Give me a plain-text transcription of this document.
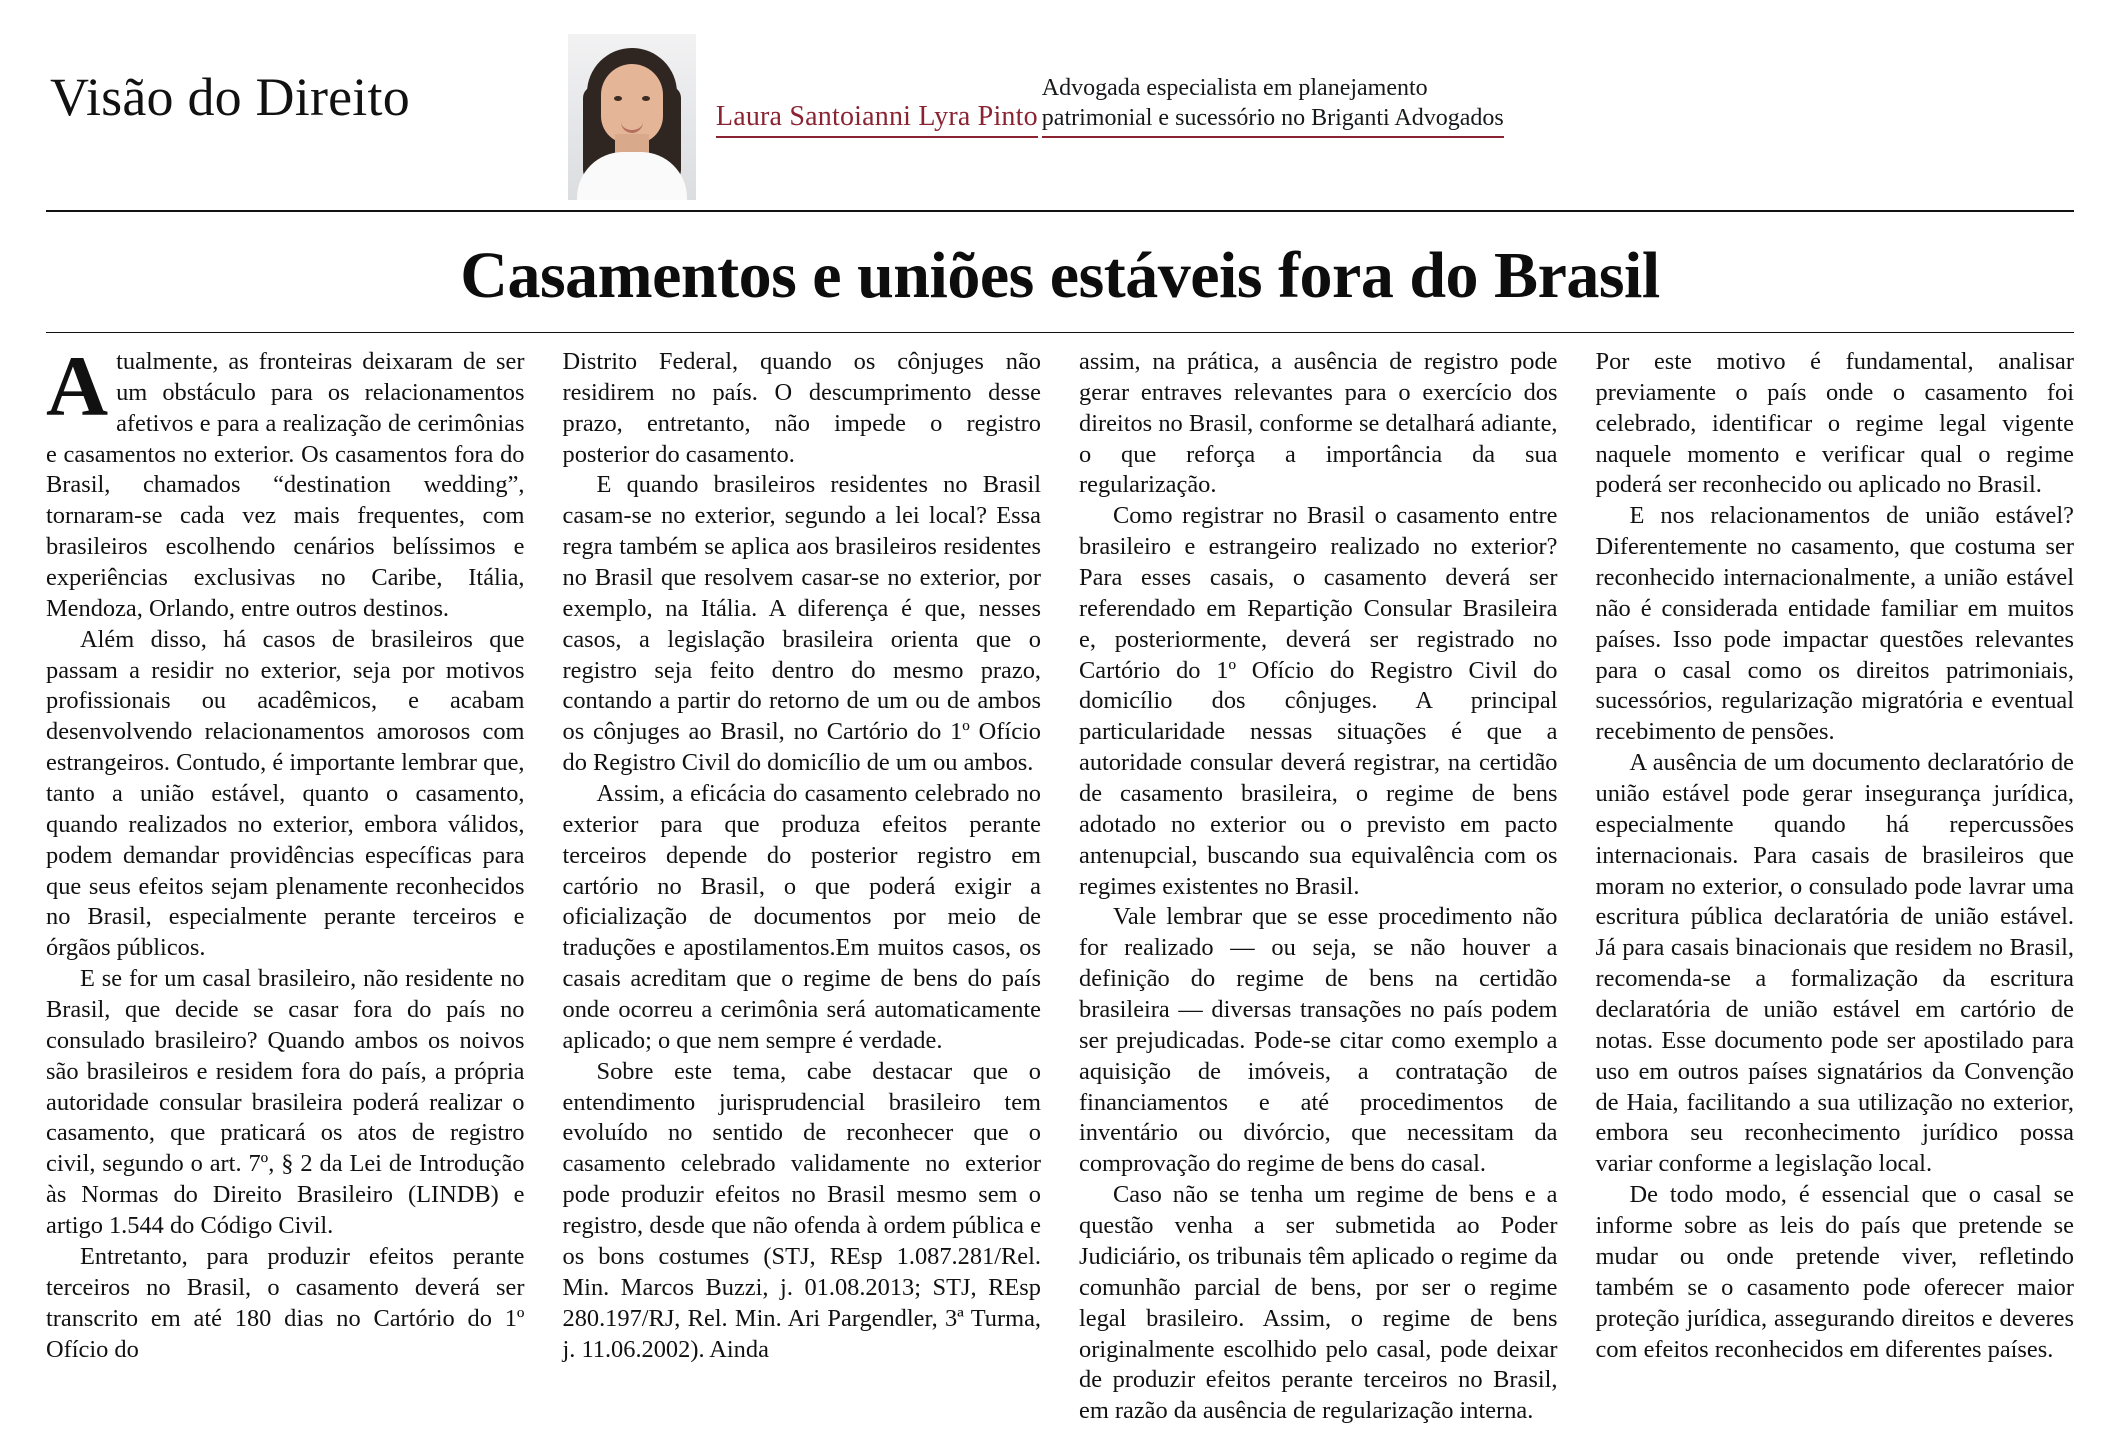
Visão do Direito	Laura Santoianni Lyra Pinto Advogada especialista em planejamento
patrimonial e sucessório no Briganti Advogados
Casamentos e uniões estáveis fora do Brasil

Atualmente, as fronteiras deixaram de ser um obstáculo para os relacionamentos afetivos e para a realização de cerimônias e casamentos no exterior. Os casamentos fora do Brasil, chamados “destination wedding”, tornaram-se cada vez mais frequentes, com brasileiros escolhendo cenários belíssimos e experiências exclusivas no Caribe, Itália, Mendoza, Orlando, entre outros destinos.

Além disso, há casos de brasileiros que passam a residir no exterior, seja por motivos profissionais ou acadêmicos, e acabam desenvolvendo relacionamentos amorosos com estrangeiros. Contudo, é importante lembrar que, tanto a união estável, quanto o casamento, quando realizados no exterior, embora válidos, podem demandar providências específicas para que seus efeitos sejam plenamente reconhecidos no Brasil, especialmente perante terceiros e órgãos públicos.

E se for um casal brasileiro, não residente no Brasil, que decide se casar fora do país no consulado brasileiro? Quando ambos os noivos são brasileiros e residem fora do país, a própria autoridade consular brasileira poderá realizar o casamento, que praticará os atos de registro civil, segundo o art. 7º, § 2 da Lei de Introdução às Normas do Direito Brasileiro (LINDB) e artigo 1.544 do Código Civil.

Entretanto, para produzir efeitos perante terceiros no Brasil, o casamento deverá ser transcrito em até 180 dias no Cartório do 1º Ofício do

Distrito Federal, quando os cônjuges não residirem no país. O descumprimento desse prazo, entretanto, não impede o registro posterior do casamento.

E quando brasileiros residentes no Brasil casam-se no exterior, segundo a lei local? Essa regra também se aplica aos brasileiros residentes no Brasil que resolvem casar-se no exterior, por exemplo, na Itália. A diferença é que, nesses casos, a legislação brasileira orienta que o registro seja feito dentro do mesmo prazo, contando a partir do retorno de um ou de ambos os cônjuges ao Brasil, no Cartório do 1º Ofício do Registro Civil do domicílio de um ou ambos.

Assim, a eficácia do casamento celebrado no exterior para que produza efeitos perante terceiros depende do posterior registro em cartório no Brasil, o que poderá exigir a oficialização de documentos por meio de traduções e apostilamentos.Em muitos casos, os casais acreditam que o regime de bens do país onde ocorreu a cerimônia será automaticamente aplicado; o que nem sempre é verdade.

Sobre este tema, cabe destacar que o entendimento jurisprudencial brasileiro tem evoluído no sentido de reconhecer que o casamento celebrado validamente no exterior pode produzir efeitos no Brasil mesmo sem o registro, desde que não ofenda à ordem pública e os bons costumes (STJ, REsp 1.087.281/Rel. Min. Marcos Buzzi, j. 01.08.2013; STJ, REsp 280.197/RJ, Rel. Min. Ari Pargendler, 3ª Turma, j. 11.06.2002). Ainda

assim, na prática, a ausência de registro pode gerar entraves relevantes para o exercício dos direitos no Brasil, conforme se detalhará adiante, o que reforça a importância da sua regularização.

Como registrar no Brasil o casamento entre brasileiro e estrangeiro realizado no exterior? Para esses casais, o casamento deverá ser referendado em Repartição Consular Brasileira e, posteriormente, deverá ser registrado no Cartório do 1º Ofício do Registro Civil do domicílio dos cônjuges. A principal particularidade nessas situações é que a autoridade consular deverá registrar, na certidão de casamento brasileira, o regime de bens adotado no exterior ou o previsto em pacto antenupcial, buscando sua equivalência com os regimes existentes no Brasil.

Vale lembrar que se esse procedimento não for realizado — ou seja, se não houver a definição do regime de bens na certidão brasileira — diversas transações no país podem ser prejudicadas. Pode-se citar como exemplo a aquisição de imóveis, a contratação de financiamentos e até procedimentos de inventário ou divórcio, que necessitam da comprovação do regime de bens do casal.

Caso não se tenha um regime de bens e a questão venha a ser submetida ao Poder Judiciário, os tribunais têm aplicado o regime da comunhão parcial de bens, por ser o regime legal brasileiro. Assim, o regime de bens originalmente escolhido pelo casal, pode deixar de produzir efeitos perante terceiros no Brasil, em razão da ausência de regularização interna.

Por este motivo é fundamental, analisar previamente o país onde o casamento foi celebrado, identificar o regime legal vigente naquele momento e verificar qual o regime poderá ser reconhecido ou aplicado no Brasil.

E nos relacionamentos de união estável? Diferentemente no casamento, que costuma ser reconhecido internacionalmente, a união estável não é considerada entidade familiar em muitos países. Isso pode impactar questões relevantes para o casal como os direitos patrimoniais, sucessórios, regularização migratória e eventual recebimento de pensões.

A ausência de um documento declaratório de união estável pode gerar insegurança jurídica, especialmente quando há repercussões internacionais. Para casais de brasileiros que moram no exterior, o consulado pode lavrar uma escritura pública declaratória de união estável. Já para casais binacionais que residem no Brasil, recomenda-se a formalização da escritura declaratória de união estável em cartório de notas. Esse documento pode ser apostilado para uso em outros países signatários da Convenção de Haia, facilitando a sua utilização no exterior, embora seu reconhecimento jurídico possa variar conforme a legislação local.

De todo modo, é essencial que o casal se informe sobre as leis do país que pretende se mudar ou onde pretende viver, refletindo também se o casamento pode oferecer maior proteção jurídica, assegurando direitos e deveres com efeitos reconhecidos em diferentes países.
